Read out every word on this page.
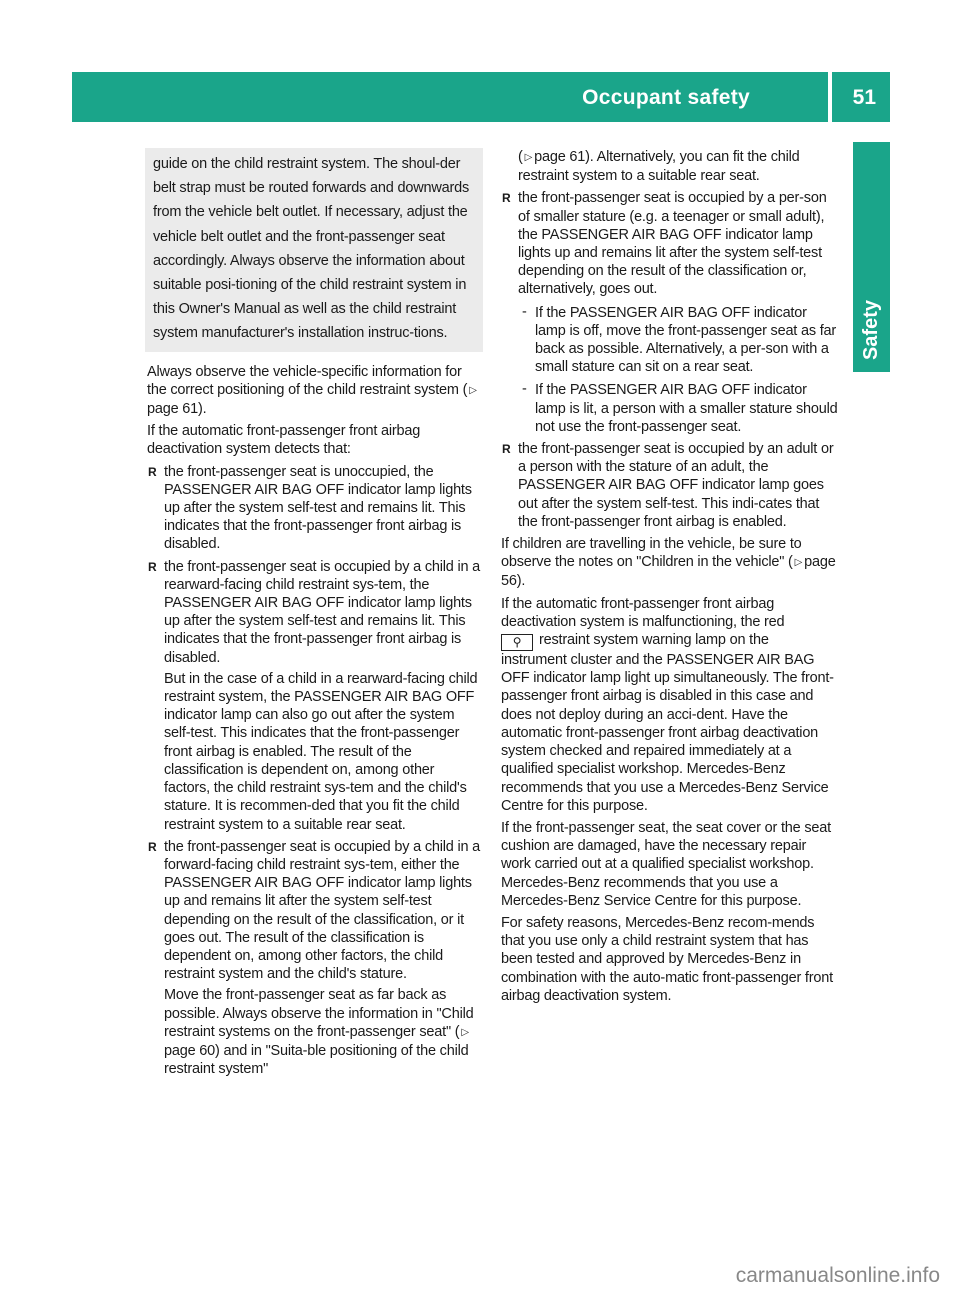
Occupant safety	51
Safety
guide on the child restraint system. The shoul-der belt strap must be routed forwards and downwards from the vehicle belt outlet. If necessary, adjust the vehicle belt outlet and the front-passenger seat accordingly. Always observe the information about suitable posi-tioning of the child restraint system in this Owner's Manual as well as the child restraint system manufacturer's installation instruc-tions.

Always observe the vehicle-specific information for the correct positioning of the child restraint system ( ▷page 61).

If the automatic front-passenger front airbag deactivation system detects that:

R the front-passenger seat is unoccupied, the PASSENGER AIR BAG OFF indicator lamp lights up after the system self-test and remains lit. This indicates that the front-passenger front airbag is disabled.
R the front-passenger seat is occupied by a child in a rearward-facing child restraint sys-tem, the PASSENGER AIR BAG OFF indicator lamp lights up after the system self-test and remains lit. This indicates that the front-passenger front airbag is disabled.

But in the case of a child in a rearward-facing child restraint system, the PASSENGER AIR BAG OFF indicator lamp can also go out after the system self-test. This indicates that the front-passenger front airbag is enabled. The result of the classification is dependent on, among other factors, the child restraint sys-tem and the child's stature. It is recommen-ded that you fit the child restraint system to a suitable rear seat.

R the front-passenger seat is occupied by a child in a forward-facing child restraint sys-tem, either the PASSENGER AIR BAG OFF indicator lamp lights up and remains lit after the system self-test depending on the result of the classification, or it goes out. The result of the classification is dependent on, among other factors, the child restraint system and the child's stature.

Move the front-passenger seat as far back as possible. Always observe the information in "Child restraint systems on the front-passenger seat" ( ▷page 60) and in "Suita-ble positioning of the child restraint system"

( ▷ page 61). Alternatively, you can fit the child restraint system to a suitable rear seat.

R the front-passenger seat is occupied by a per-son of smaller stature (e.g. a teenager or small adult), the PASSENGER AIR BAG OFF indicator lamp lights up and remains lit after the system self-test depending on the result of the classification or, alternatively, goes out.
- If the PASSENGER AIR BAG OFF indicator lamp is off, move the front-passenger seat as far back as possible. Alternatively, a per-son with a small stature can sit on a rear seat.
- If the PASSENGER AIR BAG OFF indicator lamp is lit, a person with a smaller stature should not use the front-passenger seat.
R the front-passenger seat is occupied by an adult or a person with the stature of an adult, the PASSENGER AIR BAG OFF indicator lamp goes out after the system self-test. This indi-cates that the front-passenger front airbag is enabled.

If children are travelling in the vehicle, be sure to observe the notes on "Children in the vehicle" ( ▷ page 56).

If the automatic front-passenger front airbag deactivation system is malfunctioning, the red
⚲ restraint system warning lamp on the instrument cluster and the PASSENGER AIR BAG OFF indicator lamp light up simultaneously. The front-passenger front airbag is disabled in this case and does not deploy during an acci-dent. Have the automatic front-passenger front airbag deactivation system checked and repaired immediately at a qualified specialist workshop. Mercedes-Benz recommends that you use a Mercedes-Benz Service Centre for this purpose.

If the front-passenger seat, the seat cover or the seat cushion are damaged, have the necessary repair work carried out at a qualified specialist workshop. Mercedes-Benz recommends that you use a Mercedes-Benz Service Centre for this purpose.

For safety reasons, Mercedes-Benz recom-mends that you use only a child restraint system that has been tested and approved by Mercedes-Benz in combination with the auto-matic front-passenger front airbag deactivation system.

carmanualsonline.info
